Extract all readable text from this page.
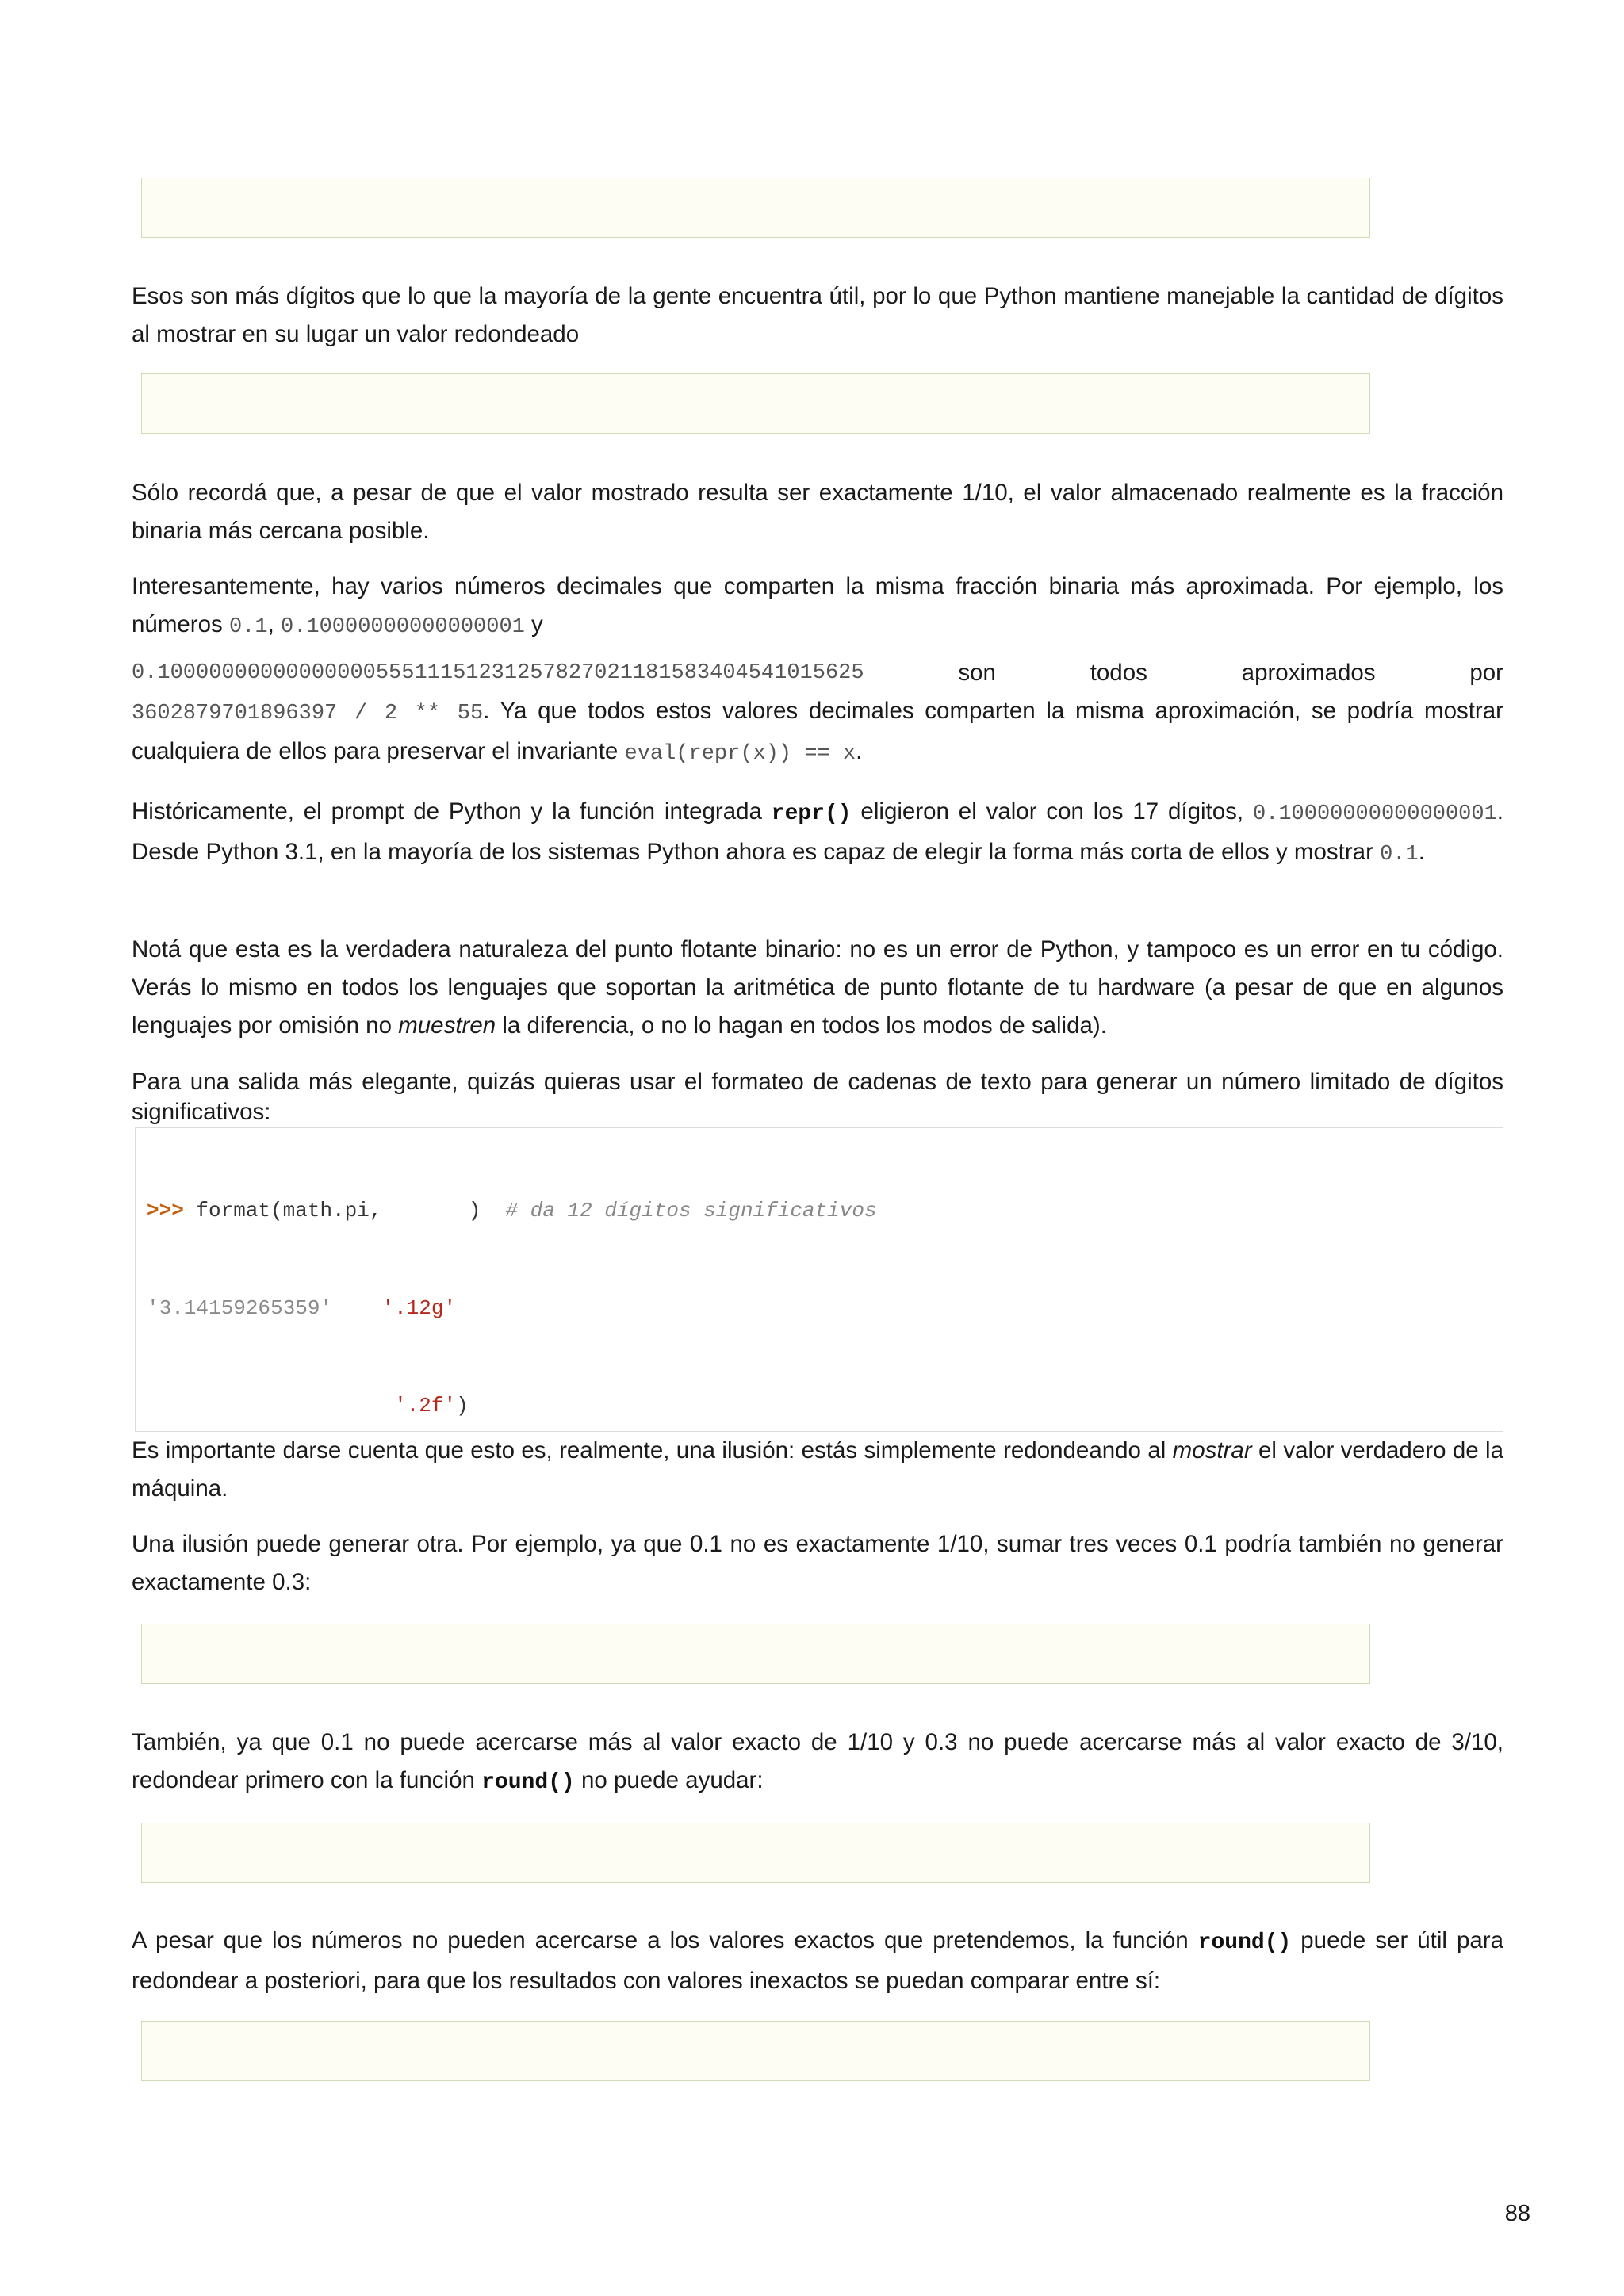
Esos son más dígitos que lo que la mayoría de la gente encuentra útil, por lo que Python mantiene manejable la cantidad de dígitos al mostrar en su lugar un valor redondeado

Sólo recordá que, a pesar de que el valor mostrado resulta ser exactamente 1/10, el valor almacenado realmente es la fracción binaria más cercana posible.

Interesantemente, hay varios números decimales que comparten la misma fracción binaria más aproximada. Por ejemplo, los números 0.1, 0.10000000000000001 y
0.1000000000000000055511151231257827021181583404541015625	son	todos	aproximados	por
3602879701896397 / 2 ** 55. Ya que todos estos valores decimales comparten la misma aproximación, se podría mostrar cualquiera de ellos para preservar el invariante eval(repr(x)) == x.

Históricamente, el prompt de Python y la función integrada repr() eligieron el valor con los 17 dígitos, 0.10000000000000001. Desde Python 3.1, en la mayoría de los sistemas Python ahora es capaz de elegir la forma más corta de ellos y mostrar 0.1.

Notá que esta es la verdadera naturaleza del punto flotante binario: no es un error de Python, y tampoco es un error en tu código. Verás lo mismo en todos los lenguajes que soportan la aritmética de punto flotante de tu hardware (a pesar de que en algunos lenguajes por omisión no muestren la diferencia, o no lo hagan en todos los modos de salida).

Para una salida más elegante, quizás quieras usar el formateo de cadenas de texto para generar un número limitado de dígitos significativos:

>>> format(math.pi,	) # da 12 dígitos significativos

'3.14159265359' '.12g'

'.2f')

Es importante darse cuenta que esto es, realmente, una ilusión: estás simplemente redondeando al mostrar el valor verdadero de la máquina.

Una ilusión puede generar otra. Por ejemplo, ya que 0.1 no es exactamente 1/10, sumar tres veces 0.1 podría también no generar exactamente 0.3:

También, ya que 0.1 no puede acercarse más al valor exacto de 1/10 y 0.3 no puede acercarse más al valor exacto de 3/10, redondear primero con la función round() no puede ayudar:

A pesar que los números no pueden acercarse a los valores exactos que pretendemos, la función round() puede ser útil para redondear a posteriori, para que los resultados con valores inexactos se puedan comparar entre sí:

88
